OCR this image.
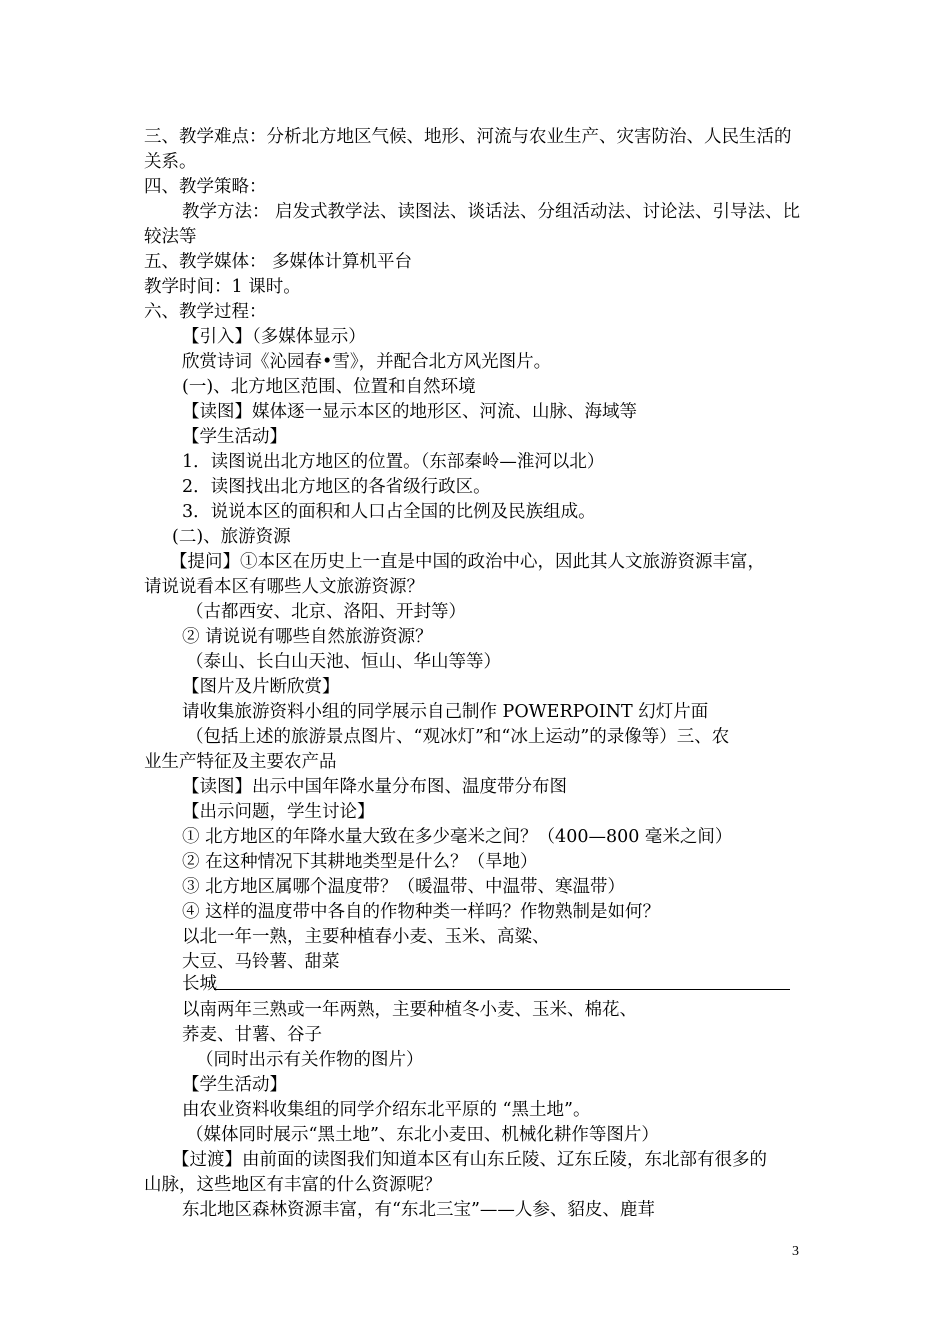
三、教学难点：分析北方地区气候、地形、河流与农业生产、灾害防治、人民生活的
关系。
四、教学策略：
教学方法： 启发式教学法、读图法、谈话法、分组活动法、讨论法、引导法、比
较法等
五、教学媒体： 多媒体计算机平台
教学时间：1 课时。
六、教学过程：
【引入】（多媒体显示）
欣赏诗词《沁园春•雪》，并配合北方风光图片。
(一)、北方地区范围、位置和自然环境
【读图】媒体逐一显示本区的地形区、河流、山脉、海域等
【学生活动】
1．读图说出北方地区的位置。（东部秦岭—淮河以北）
2．读图找出北方地区的各省级行政区。
3．说说本区的面积和人口占全国的比例及民族组成。
(二)、旅游资源
【提问】①本区在历史上一直是中国的政治中心，因此其人文旅游资源丰富，
请说说看本区有哪些人文旅游资源？
（古都西安、北京、洛阳、开封等）
② 请说说有哪些自然旅游资源？
（泰山、长白山天池、恒山、华山等等）
【图片及片断欣赏】
请收集旅游资料小组的同学展示自己制作 POWERPOINT 幻灯片面
（包括上述的旅游景点图片、“观冰灯”和“冰上运动”的录像等）三、农
业生产特征及主要农产品
【读图】出示中国年降水量分布图、温度带分布图
【出示问题，学生讨论】
① 北方地区的年降水量大致在多少毫米之间？（400—800 毫米之间）
② 在这种情况下其耕地类型是什么？（旱地）
③ 北方地区属哪个温度带？（暖温带、中温带、寒温带）
④ 这样的温度带中各自的作物种类一样吗？作物熟制是如何？
以北一年一熟，主要种植春小麦、玉米、高粱、
大豆、马铃薯、甜菜
长城
以南两年三熟或一年两熟，主要种植冬小麦、玉米、棉花、
荞麦、甘薯、谷子
（同时出示有关作物的图片）
【学生活动】
由农业资料收集组的同学介绍东北平原的 “黑土地”。
（媒体同时展示“黑土地”、东北小麦田、机械化耕作等图片）
【过渡】由前面的读图我们知道本区有山东丘陵、辽东丘陵，东北部有很多的
山脉，这些地区有丰富的什么资源呢？
东北地区森林资源丰富，有“东北三宝”——人参、貂皮、鹿茸
3
